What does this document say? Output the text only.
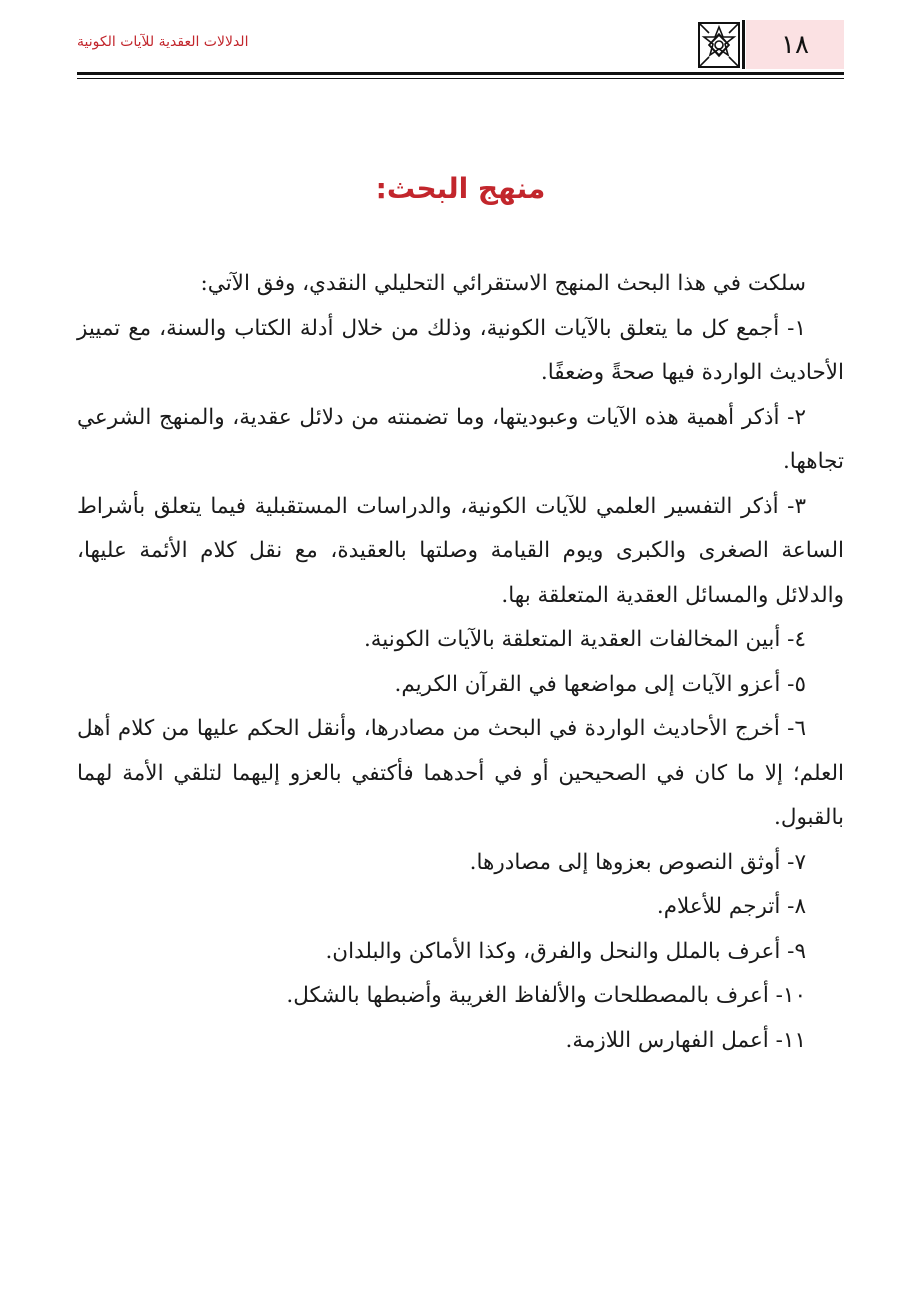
١٨
الدلالات العقدية للآيات الكونية
منهج البحث:

سلكت في هذا البحث المنهج الاستقرائي التحليلي النقدي، وفق الآتي:

١- أجمع كل ما يتعلق بالآيات الكونية، وذلك من خلال أدلة الكتاب والسنة، مع تمييز الأحاديث الواردة فيها صحةً وضعفًا.

٢- أذكر أهمية هذه الآيات وعبوديتها، وما تضمنته من دلائل عقدية، والمنهج الشرعي تجاهها.

٣- أذكر التفسير العلمي للآيات الكونية، والدراسات المستقبلية فيما يتعلق بأشراط الساعة الصغرى والكبرى ويوم القيامة وصلتها بالعقيدة، مع نقل كلام الأئمة عليها، والدلائل والمسائل العقدية المتعلقة بها.

٤- أبين المخالفات العقدية المتعلقة بالآيات الكونية.

٥- أعزو الآيات إلى مواضعها في القرآن الكريم.

٦- أخرج الأحاديث الواردة في البحث من مصادرها، وأنقل الحكم عليها من كلام أهل العلم؛ إلا ما كان في الصحيحين أو في أحدهما فأكتفي بالعزو إليهما لتلقي الأمة لهما بالقبول.

٧- أوثق النصوص بعزوها إلى مصادرها.

٨- أترجم للأعلام.

٩- أعرف بالملل والنحل والفرق، وكذا الأماكن والبلدان.

١٠- أعرف بالمصطلحات والألفاظ الغريبة وأضبطها بالشكل.

١١- أعمل الفهارس اللازمة.
